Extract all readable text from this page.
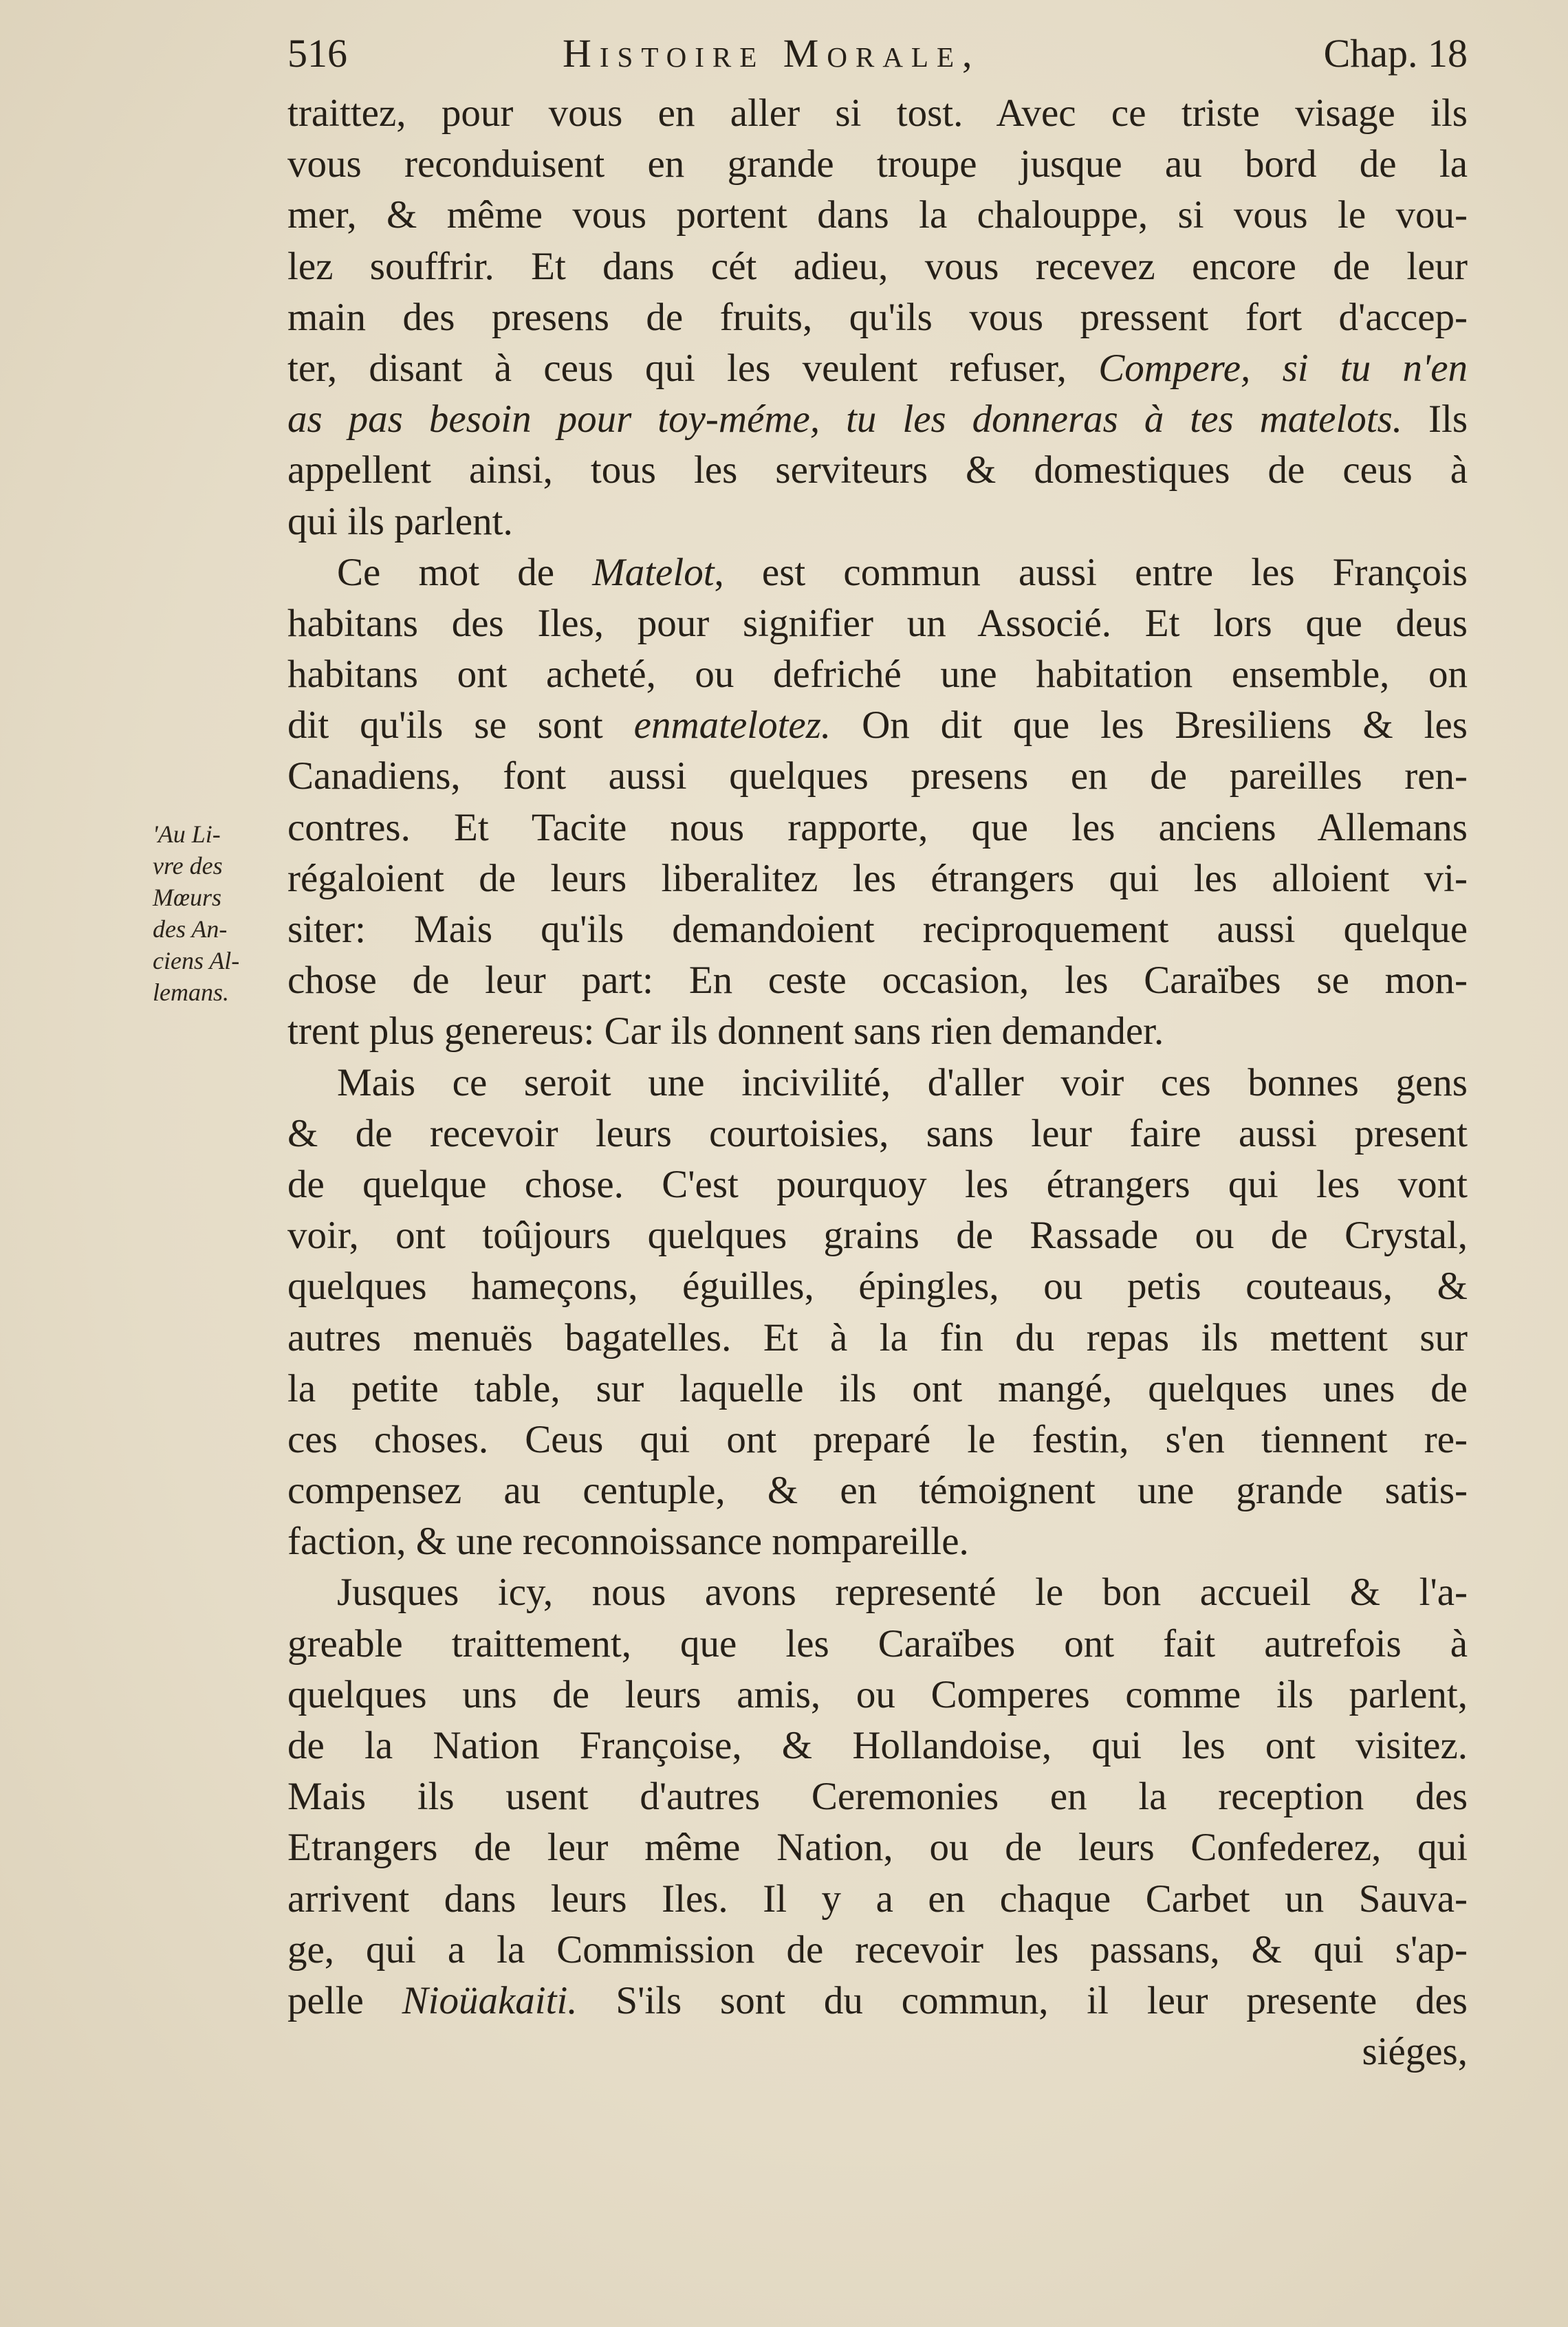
516	Histoire Morale,	Chap. 18
'Au Li-
vre des
Mœurs
des An-
ciens Al-
lemans.
traittez, pour vous en aller si tost. Avec ce triste visage ils
vous reconduisent en grande troupe jusque au bord de la
mer, & même vous portent dans la chalouppe, si vous le vou-
lez souffrir. Et dans cét adieu, vous recevez encore de leur
main des presens de fruits, qu'ils vous pressent fort d'accep-
ter, disant à ceus qui les veulent refuser, Compere, si tu n'en
as pas besoin pour toy-méme, tu les donneras à tes matelots. Ils
appellent ainsi, tous les serviteurs & domestiques de ceus à
qui ils parlent.
Ce mot de Matelot, est commun aussi entre les François
habitans des Iles, pour signifier un Associé. Et lors que deus
habitans ont acheté, ou defriché une habitation ensemble, on
dit qu'ils se sont enmatelotez. On dit que les Bresiliens & les
Canadiens, font aussi quelques presens en de pareilles ren-
contres. Et Tacite nous rapporte, que les anciens Allemans
régaloient de leurs liberalitez les étrangers qui les alloient vi-
siter: Mais qu'ils demandoient reciproquement aussi quelque
chose de leur part: En ceste occasion, les Caraïbes se mon-
trent plus genereus: Car ils donnent sans rien demander.
Mais ce seroit une incivilité, d'aller voir ces bonnes gens
& de recevoir leurs courtoisies, sans leur faire aussi present
de quelque chose. C'est pourquoy les étrangers qui les vont
voir, ont toûjours quelques grains de Rassade ou de Crystal,
quelques hameçons, éguilles, épingles, ou petis couteaus, &
autres menuës bagatelles. Et à la fin du repas ils mettent sur
la petite table, sur laquelle ils ont mangé, quelques unes de
ces choses. Ceus qui ont preparé le festin, s'en tiennent re-
compensez au centuple, & en témoignent une grande satis-
faction, & une reconnoissance nompareille.
Jusques icy, nous avons representé le bon accueil & l'a-
greable traittement, que les Caraïbes ont fait autrefois à
quelques uns de leurs amis, ou Comperes comme ils parlent,
de la Nation Françoise, & Hollandoise, qui les ont visitez.
Mais ils usent d'autres Ceremonies en la reception des
Etrangers de leur même Nation, ou de leurs Confederez, qui
arrivent dans leurs Iles. Il y a en chaque Carbet un Sauva-
ge, qui a la Commission de recevoir les passans, & qui s'ap-
pelle Nioüakaiti. S'ils sont du commun, il leur presente des
siéges,
